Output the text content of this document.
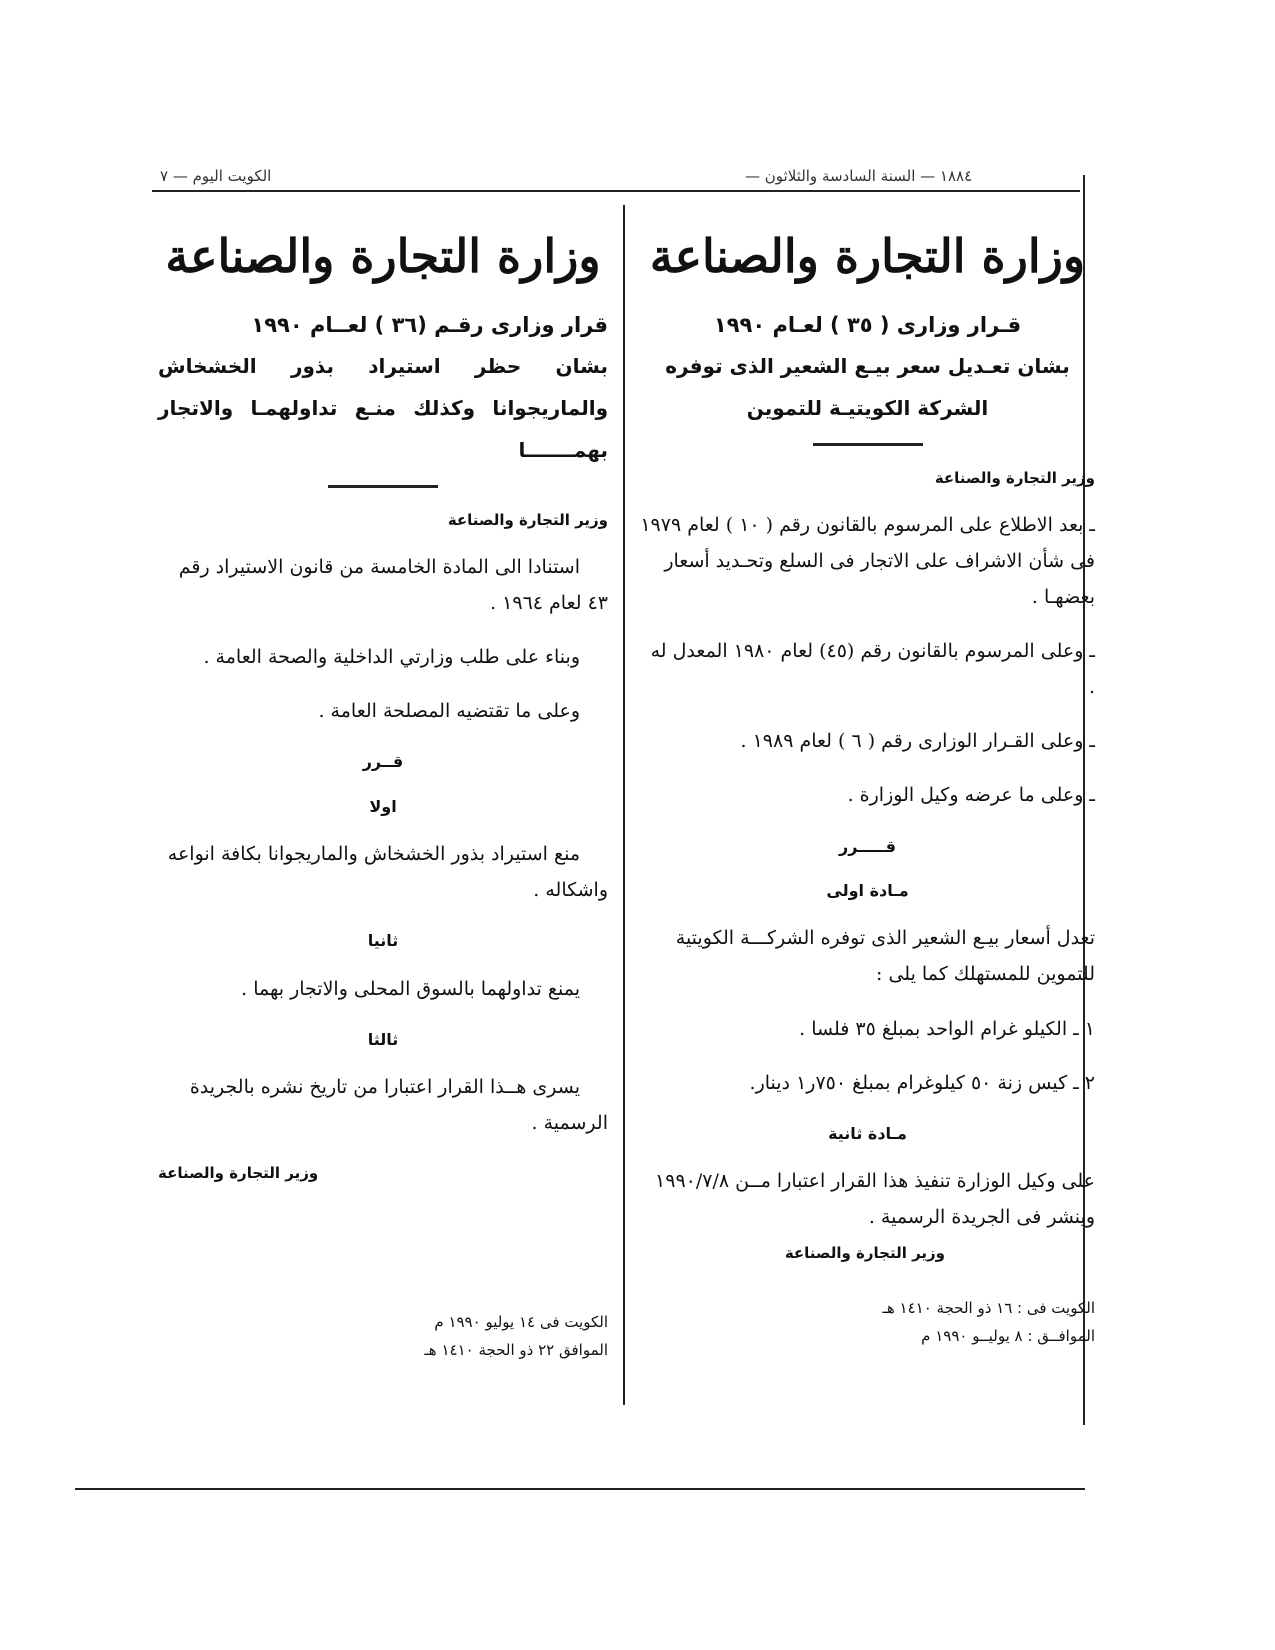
— ١٨٨٤ — السنة السادسة والثلاثون
الكويت اليوم — ٧
وزارة التجارة والصناعة

قـرار وزارى ( ٣٥ ) لعـام ١٩٩٠

بشان تعـديل سعر بيـع الشعير الذى توفره الشركة الكويتيـة للتموين

وزير التجارة والصناعة

ـ بعد الاطلاع على المرسوم بالقانون رقم ( ١٠ ) لعام ١٩٧٩ فى شأن الاشراف على الاتجار فى السلع وتحـديد أسعار بعضهـا .

ـ وعلى المرسوم بالقانون رقم (٤٥) لعام ١٩٨٠ المعدل له .

ـ وعلى القـرار الوزارى رقم ( ٦ ) لعام ١٩٨٩ .

ـ وعلى ما عرضه وكيل الوزارة .

قـــــرر

مـادة اولى

تعدل أسعار بيـع الشعير الذى توفره الشركـــة الكويتية للتموين للمستهلك كما يلى :

١ ـ الكيلو غرام الواحد بمبلغ ٣٥ فلسا .

٢ ـ كيس زنة ٥٠ كيلوغرام بمبلغ ٧٥٠ر١ دينار.

مـادة ثانية

على وكيل الوزارة تنفيذ هذا القرار اعتبارا مــن ١٩٩٠/٧/٨ وينشر فى الجريدة الرسمية .

وزير التجارة والصناعة

الكويت فى : ١٦ ذو الحجة ١٤١٠ هـ

الموافــق : ٨ يوليــو ١٩٩٠ م

وزارة التجارة والصناعة

قرار وزارى رقـم (٣٦ ) لعــام ١٩٩٠

بشان حظر استيراد بذور الخشخاش والماريجوانا وكذلك منـع تداولهمـا والاتجار بهمـــــــا

وزير التجارة والصناعة

استنادا الى المادة الخامسة من قانون الاستيراد رقم ٤٣ لعام ١٩٦٤ .

وبناء على طلب وزارتي الداخلية والصحة العامة .

وعلى ما تقتضيه المصلحة العامة .

قــرر

اولا

منع استيراد بذور الخشخاش والماريجوانا بكافة انواعه واشكاله .

ثانيا

يمنع تداولهما بالسوق المحلى والاتجار بهما .

ثالثا

يسرى هــذا القرار اعتبارا من تاريخ نشره بالجريدة الرسمية .

وزير التجارة والصناعة

الكويت فى ١٤ يوليو ١٩٩٠ م

الموافق ٢٢ ذو الحجة ١٤١٠ هـ
